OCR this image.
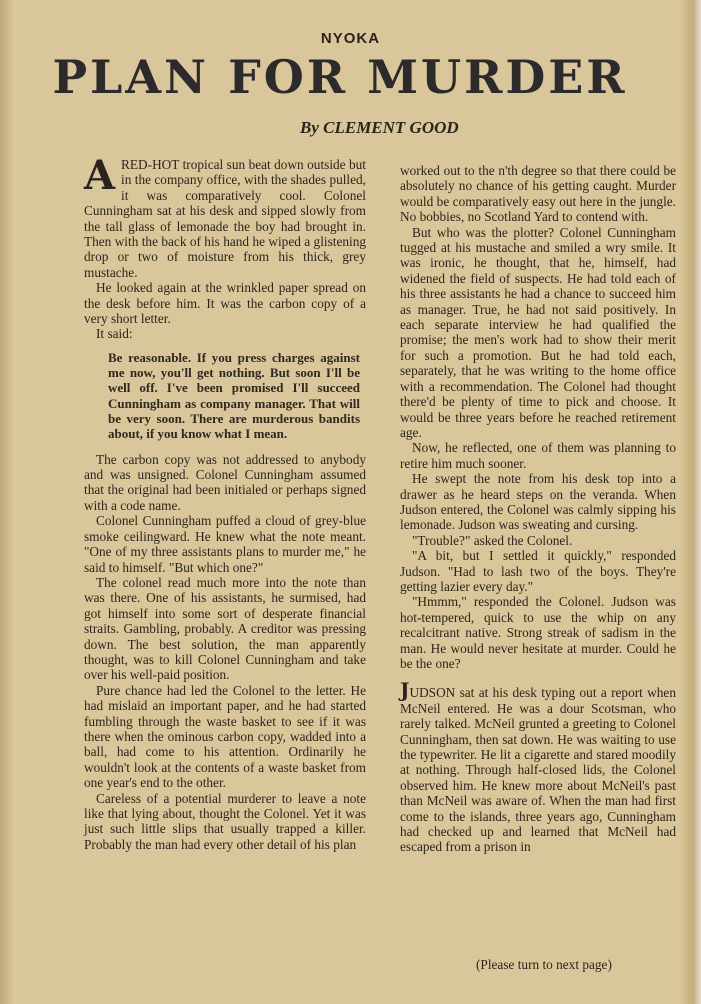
NYOKA
PLAN FOR MURDER
By CLEMENT GOOD

ARED-HOT tropical sun beat down outside but in the company office, with the shades pulled, it was comparatively cool. Colonel Cunningham sat at his desk and sipped slowly from the tall glass of lemonade the boy had brought in. Then with the back of his hand he wiped a glistening drop or two of moisture from his thick, grey mustache.

He looked again at the wrinkled paper spread on the desk before him. It was the carbon copy of a very short letter.

It said:

Be reasonable. If you press charges against me now, you'll get nothing. But soon I'll be well off. I've been promised I'll succeed Cunningham as company manager. That will be very soon. There are murderous bandits about, if you know what I mean.

The carbon copy was not addressed to anybody and was unsigned. Colonel Cunningham assumed that the original had been initialed or perhaps signed with a code name.

Colonel Cunningham puffed a cloud of grey-blue smoke ceilingward. He knew what the note meant. "One of my three assistants plans to murder me," he said to himself. "But which one?"

The colonel read much more into the note than was there. One of his assistants, he surmised, had got himself into some sort of desperate financial straits. Gambling, probably. A creditor was pressing down. The best solution, the man apparently thought, was to kill Colonel Cunningham and take over his well-paid position.

Pure chance had led the Colonel to the letter. He had mislaid an important paper, and he had started fumbling through the waste basket to see if it was there when the ominous carbon copy, wadded into a ball, had come to his attention. Ordinarily he wouldn't look at the contents of a waste basket from one year's end to the other.

Careless of a potential murderer to leave a note like that lying about, thought the Colonel. Yet it was just such little slips that usually trapped a killer. Probably the man had every other detail of his plan

worked out to the n'th degree so that there could be absolutely no chance of his getting caught. Murder would be comparatively easy out here in the jungle. No bobbies, no Scotland Yard to contend with.

But who was the plotter? Colonel Cunningham tugged at his mustache and smiled a wry smile. It was ironic, he thought, that he, himself, had widened the field of suspects. He had told each of his three assistants he had a chance to succeed him as manager. True, he had not said positively. In each separate interview he had qualified the promise; the men's work had to show their merit for such a promotion. But he had told each, separately, that he was writing to the home office with a recommendation. The Colonel had thought there'd be plenty of time to pick and choose. It would be three years before he reached retirement age.

Now, he reflected, one of them was planning to retire him much sooner.

He swept the note from his desk top into a drawer as he heard steps on the veranda. When Judson entered, the Colonel was calmly sipping his lemonade. Judson was sweating and cursing.

"Trouble?" asked the Colonel.

"A bit, but I settled it quickly," responded Judson. "Had to lash two of the boys. They're getting lazier every day."

"Hmmm," responded the Colonel. Judson was hot-tempered, quick to use the whip on any recalcitrant native. Strong streak of sadism in the man. He would never hesitate at murder. Could he be the one?

JUDSON sat at his desk typing out a report when McNeil entered. He was a dour Scotsman, who rarely talked. McNeil grunted a greeting to Colonel Cunningham, then sat down. He was waiting to use the typewriter. He lit a cigarette and stared moodily at nothing. Through half-closed lids, the Colonel observed him. He knew more about McNeil's past than McNeil was aware of. When the man had first come to the islands, three years ago, Cunningham had checked up and learned that McNeil had escaped from a prison in

(Please turn to next page)
